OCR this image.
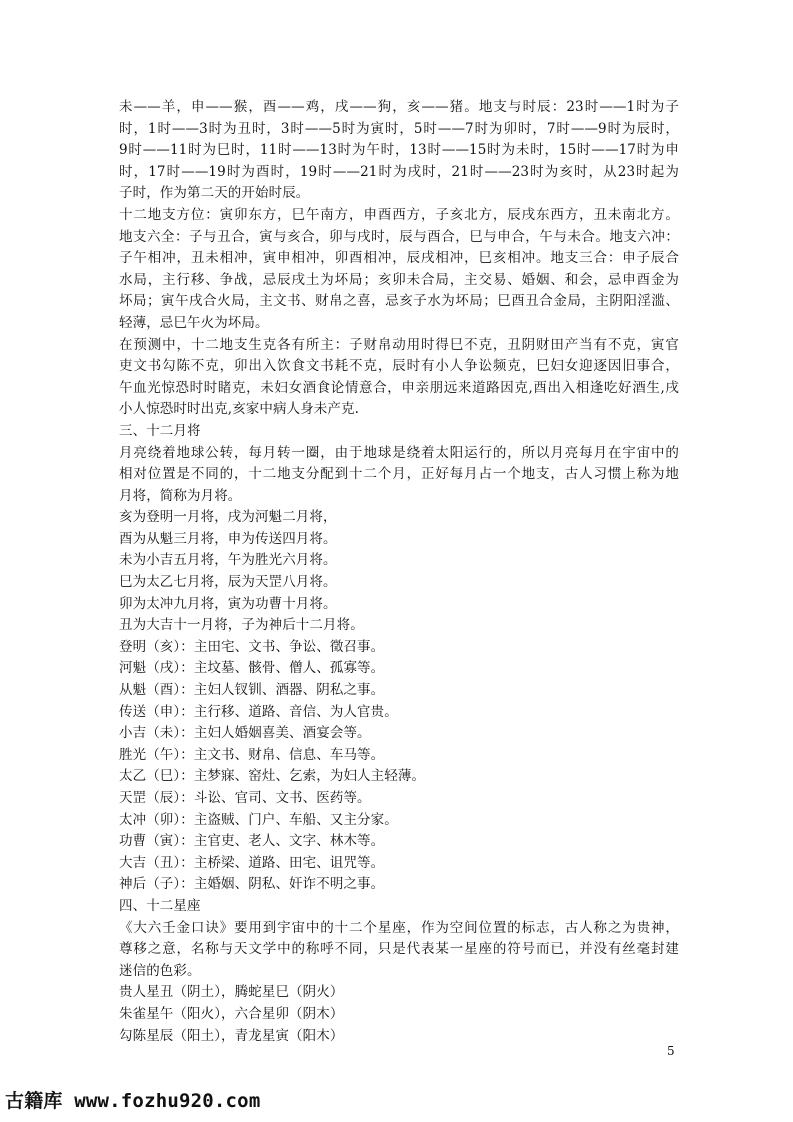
未——羊，申——猴，酉——鸡，戌——狗，亥——猪。地支与时辰：23时——1时为子
时，1时——3时为丑时，3时——5时为寅时，5时——7时为卯时，7时——9时为辰时，
9时——11时为巳时，11时——13时为午时，13时——15时为未时，15时——17时为申
时，17时——19时为酉时，19时——21时为戌时，21时——23时为亥时，从23时起为
子时，作为第二天的开始时辰。
十二地支方位：寅卯东方，巳午南方，申酉西方，子亥北方，辰戌东西方，丑未南北方。
地支六全：子与丑合，寅与亥合，卯与戌时，辰与酉合，巳与申合，午与未合。地支六冲：
子午相冲，丑未相冲，寅申相冲，卯酉相冲，辰戌相冲，巳亥相冲。地支三合：申子辰合
水局，主行移、争战，忌辰戌土为坏局；亥卯未合局，主交易、婚姻、和会，忌申酉金为
坏局；寅午戌合火局，主文书、财帛之喜，忌亥子水为坏局；巳酉丑合金局，主阴阳淫滥、
轻薄，忌巳午火为坏局。
在预测中，十二地支生克各有所主：子财帛动用时得巳不克，丑阴财田产当有不克，寅官
吏文书勾陈不克，卯出入饮食文书耗不克，辰时有小人争讼频克，巳妇女迎逐因旧事合，
午血光惊恐时时睹克，未妇女酒食论情意合，申亲朋远来道路因克,酉出入相逢吃好酒生,戌
小人惊恐时时出克,亥家中病人身未产克.
三、十二月将
月亮绕着地球公转，每月转一圈，由于地球是绕着太阳运行的，所以月亮每月在宇宙中的
相对位置是不同的，十二地支分配到十二个月，正好每月占一个地支，古人习惯上称为地
月将，简称为月将。
亥为登明一月将，戌为河魁二月将，
酉为从魁三月将，申为传送四月将。
未为小吉五月将，午为胜光六月将。
巳为太乙七月将，辰为天罡八月将。
卯为太冲九月将，寅为功曹十月将。
丑为大吉十一月将，子为神后十二月将。
登明（亥）：主田宅、文书、争讼、徵召事。
河魁（戌）：主坟墓、骸骨、僧人、孤寡等。
从魁（酉）：主妇人钗钏、酒器、阴私之事。
传送（申）：主行移、道路、音信、为人官贵。
小吉（未）：主妇人婚姻喜美、酒宴会等。
胜光（午）：主文书、财帛、信息、车马等。
太乙（巳）：主梦寐、窑灶、乞索，为妇人主轻薄。
天罡（辰）：斗讼、官司、文书、医药等。
太冲（卯）：主盗贼、门户、车船、又主分家。
功曹（寅）：主官吏、老人、文字、林木等。
大吉（丑）：主桥梁、道路、田宅、诅咒等。
神后（子）：主婚姻、阴私、奸诈不明之事。
四、十二星座
《大六壬金口诀》要用到宇宙中的十二个星座，作为空间位置的标志，古人称之为贵神，
尊移之意，名称与天文学中的称呼不同，只是代表某一星座的符号而已，并没有丝毫封建
迷信的色彩。
贵人星丑（阴土），腾蛇星巳（阴火）
朱雀星午（阳火），六合星卯（阴木）
勾陈星辰（阳土），青龙星寅（阳木）
5
古籍库 www.fozhu920.com
